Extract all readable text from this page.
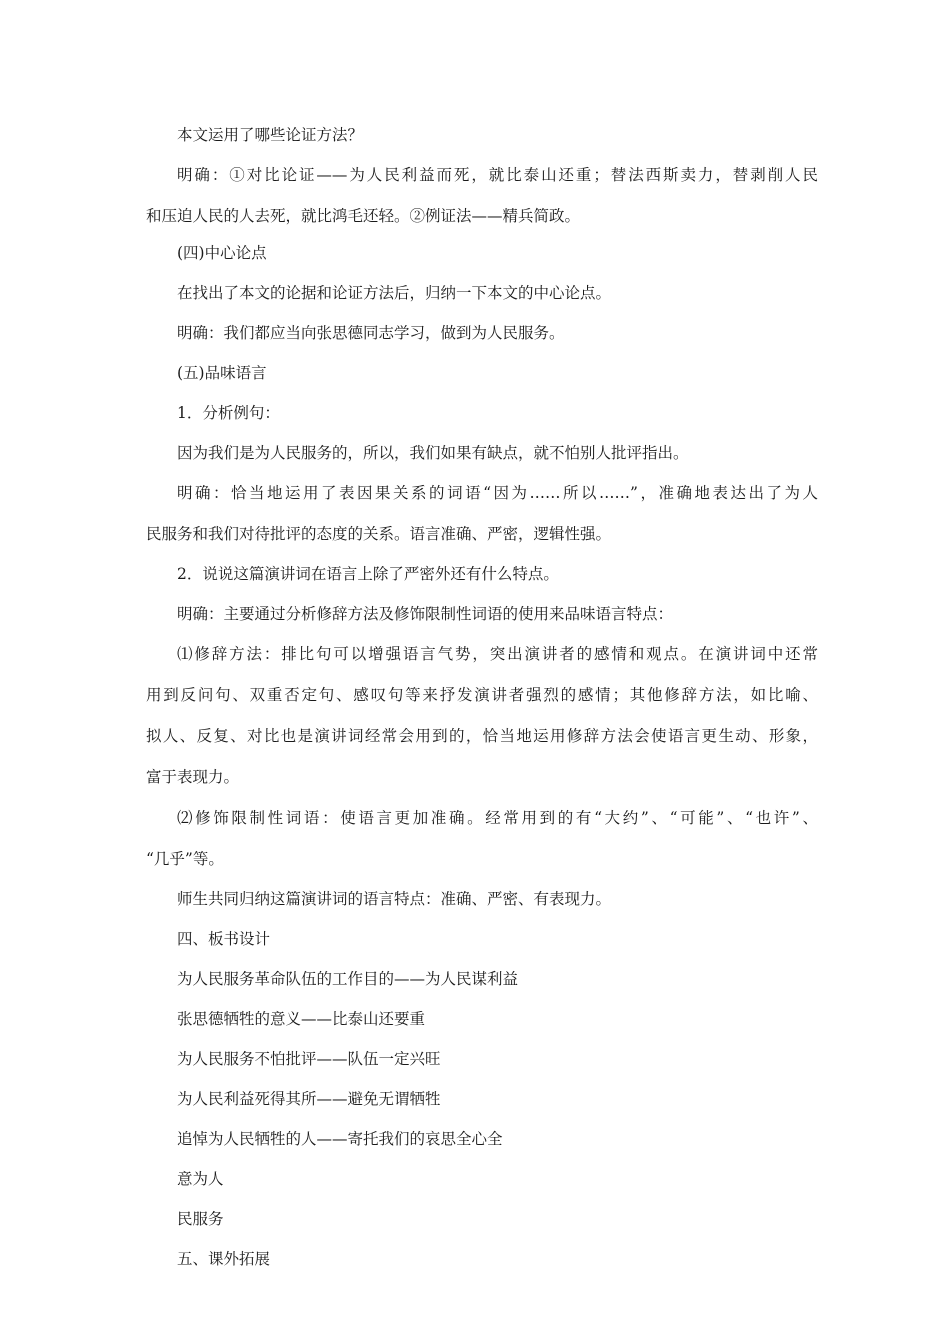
本文运用了哪些论证方法？

明确：①对比论证——为人民利益而死，就比泰山还重；替法西斯卖力，替剥削人民

和压迫人民的人去死，就比鸿毛还轻。②例证法——精兵简政。

(四)中心论点

在找出了本文的论据和论证方法后，归纳一下本文的中心论点。

明确：我们都应当向张思德同志学习，做到为人民服务。

(五)品味语言

1．分析例句：

因为我们是为人民服务的，所以，我们如果有缺点，就不怕别人批评指出。

明确：恰当地运用了表因果关系的词语“因为……所以……”，准确地表达出了为人

民服务和我们对待批评的态度的关系。语言准确、严密，逻辑性强。

2．说说这篇演讲词在语言上除了严密外还有什么特点。

明确：主要通过分析修辞方法及修饰限制性词语的使用来品味语言特点：

⑴修辞方法：排比句可以增强语言气势，突出演讲者的感情和观点。在演讲词中还常

用到反问句、双重否定句、感叹句等来抒发演讲者强烈的感情；其他修辞方法，如比喻、

拟人、反复、对比也是演讲词经常会用到的，恰当地运用修辞方法会使语言更生动、形象，

富于表现力。

⑵修饰限制性词语：使语言更加准确。经常用到的有“大约”、“可能”、“也许”、

“几乎”等。

师生共同归纳这篇演讲词的语言特点：准确、严密、有表现力。

四、板书设计

为人民服务革命队伍的工作目的——为人民谋利益

张思德牺牲的意义——比泰山还要重

为人民服务不怕批评——队伍一定兴旺

为人民利益死得其所——避免无谓牺牲

追悼为人民牺牲的人——寄托我们的哀思全心全

意为人

民服务

五、课外拓展
